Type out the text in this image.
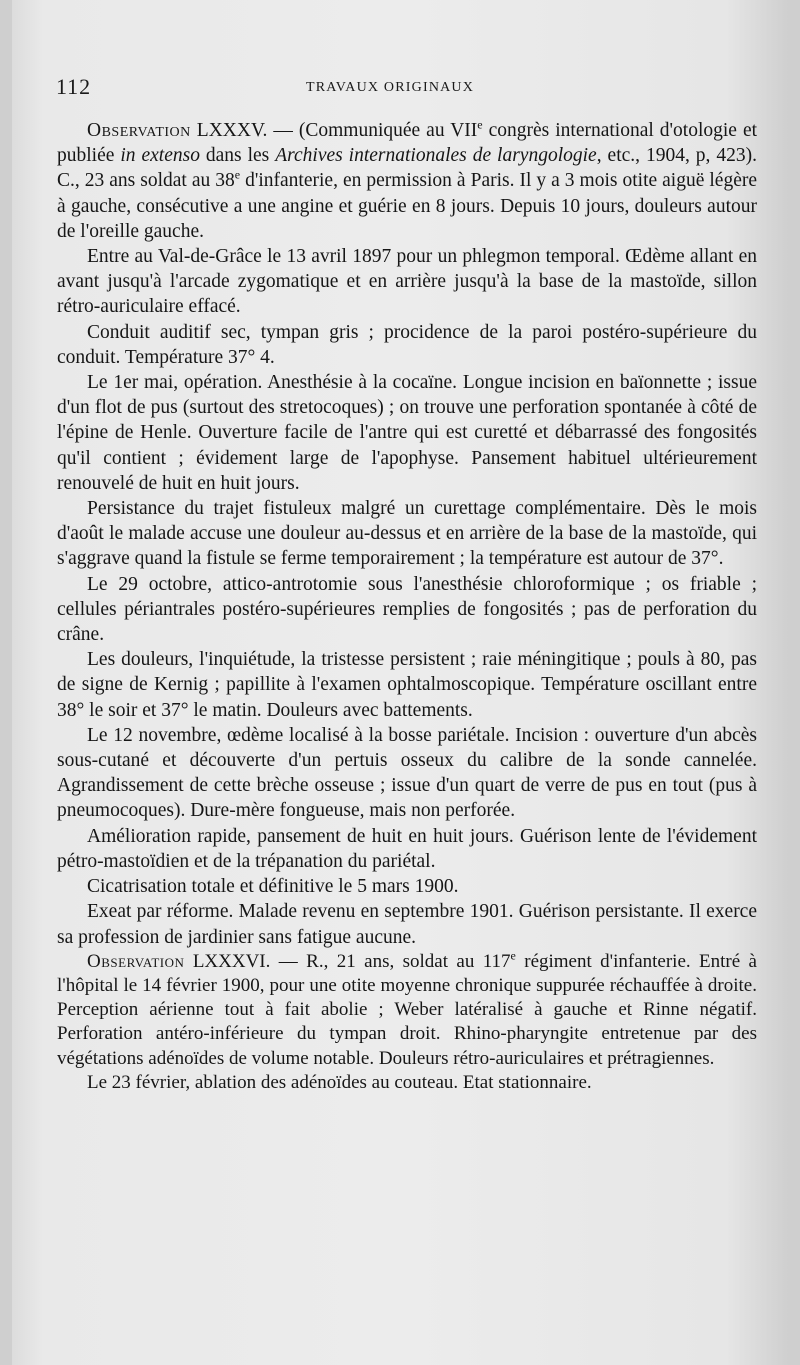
112	TRAVAUX ORIGINAUX

Observation LXXXV. — (Communiquée au VIIe congrès international d'otologie et publiée in extenso dans les Archives internationales de laryngologie, etc., 1904, p, 423). C., 23 ans soldat au 38e d'infanterie, en permission à Paris. Il y a 3 mois otite aiguë légère à gauche, consécutive a une angine et guérie en 8 jours. Depuis 10 jours, douleurs autour de l'oreille gauche.

Entre au Val-de-Grâce le 13 avril 1897 pour un phlegmon temporal. Œdème allant en avant jusqu'à l'arcade zygomatique et en arrière jusqu'à la base de la mastoïde, sillon rétro-auriculaire effacé.

Conduit auditif sec, tympan gris ; procidence de la paroi postéro-supérieure du conduit. Température 37° 4.

Le 1er mai, opération. Anesthésie à la cocaïne. Longue incision en baïonnette ; issue d'un flot de pus (surtout des stretocoques) ; on trouve une perforation spontanée à côté de l'épine de Henle. Ouverture facile de l'antre qui est curetté et débarrassé des fongosités qu'il contient ; évidement large de l'apophyse. Pansement habituel ultérieurement renouvelé de huit en huit jours.

Persistance du trajet fistuleux malgré un curettage complémentaire. Dès le mois d'août le malade accuse une douleur au-dessus et en arrière de la base de la mastoïde, qui s'aggrave quand la fistule se ferme temporairement ; la température est autour de 37°.

Le 29 octobre, attico-antrotomie sous l'anesthésie chloroformique ; os friable ; cellules périantrales postéro-supérieures remplies de fongosités ; pas de perforation du crâne.

Les douleurs, l'inquiétude, la tristesse persistent ; raie méningitique ; pouls à 80, pas de signe de Kernig ; papillite à l'examen ophtalmoscopique. Température oscillant entre 38° le soir et 37° le matin. Douleurs avec battements.

Le 12 novembre, œdème localisé à la bosse pariétale. Incision : ouverture d'un abcès sous-cutané et découverte d'un pertuis osseux du calibre de la sonde cannelée. Agrandissement de cette brèche osseuse ; issue d'un quart de verre de pus en tout (pus à pneumocoques). Dure-mère fongueuse, mais non perforée.

Amélioration rapide, pansement de huit en huit jours. Guérison lente de l'évidement pétro-mastoïdien et de la trépanation du pariétal.

Cicatrisation totale et définitive le 5 mars 1900.

Exeat par réforme. Malade revenu en septembre 1901. Guérison persistante. Il exerce sa profession de jardinier sans fatigue aucune.

Observation LXXXVI. — R., 21 ans, soldat au 117e régiment d'infanterie. Entré à l'hôpital le 14 février 1900, pour une otite moyenne chronique suppurée réchauffée à droite. Perception aérienne tout à fait abolie ; Weber latéralisé à gauche et Rinne négatif. Perforation antéro-inférieure du tympan droit. Rhino-pharyngite entretenue par des végétations adénoïdes de volume notable. Douleurs rétro-auriculaires et prétragiennes.

Le 23 février, ablation des adénoïdes au couteau. Etat stationnaire.
